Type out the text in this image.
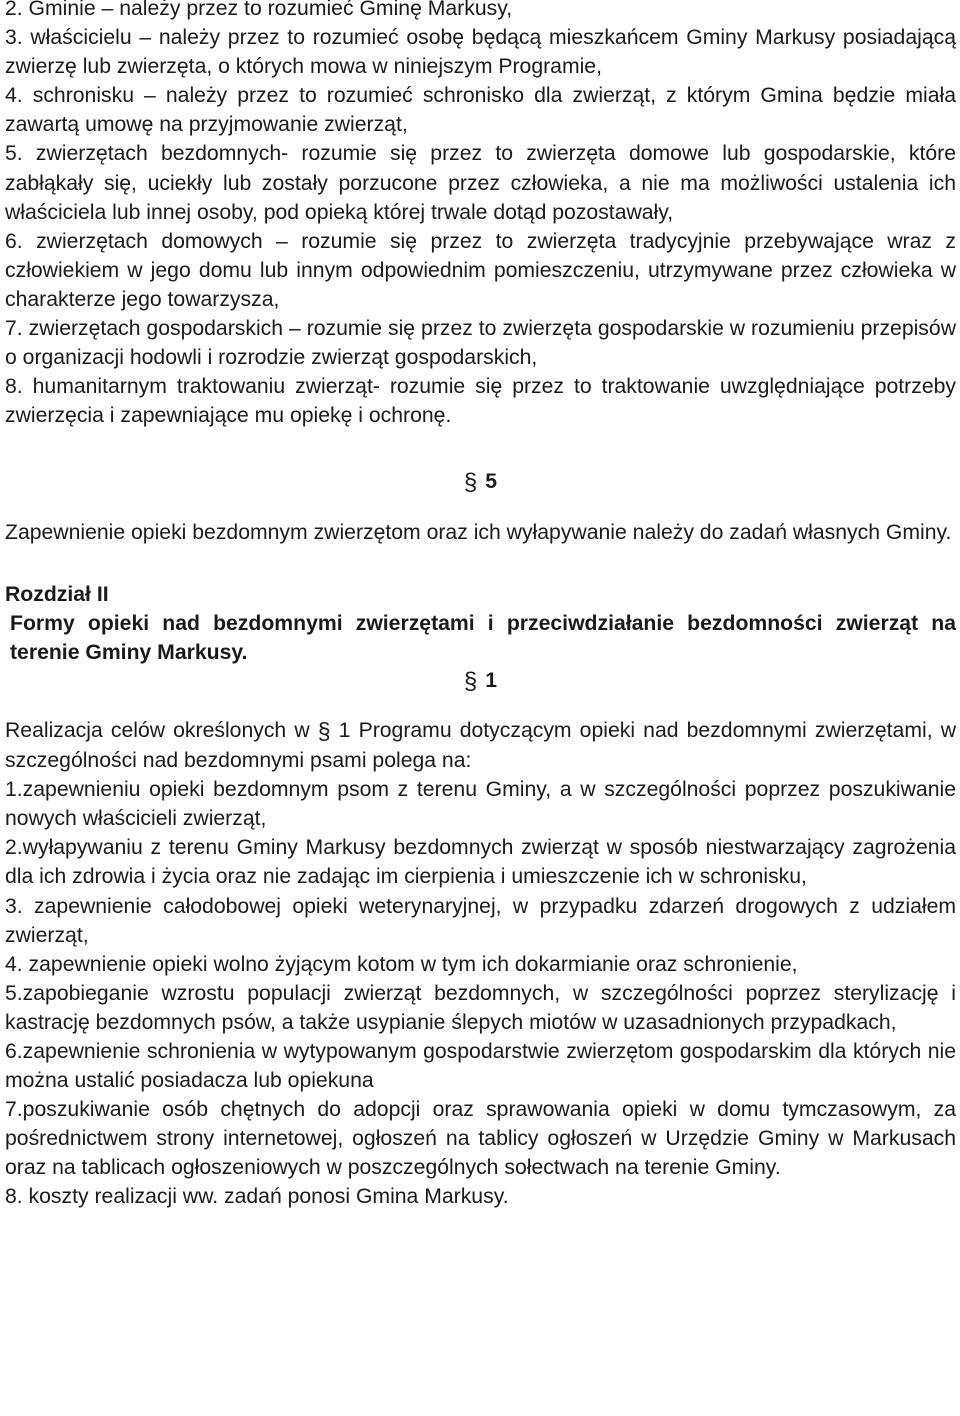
2. Gminie – należy przez to rozumieć Gminę Markusy,

3. właścicielu – należy przez to rozumieć osobę będącą mieszkańcem Gminy Markusy posiadającą zwierzę lub zwierzęta, o których mowa w niniejszym Programie,

4. schronisku – należy przez to rozumieć schronisko dla zwierząt, z którym Gmina będzie miała zawartą umowę na przyjmowanie zwierząt,

5. zwierzętach bezdomnych- rozumie się przez to zwierzęta domowe lub gospodarskie, które zabłąkały się, uciekły lub zostały porzucone przez człowieka, a nie ma możliwości ustalenia ich właściciela lub innej osoby, pod opieką której trwale dotąd pozostawały,

6. zwierzętach domowych – rozumie się przez to zwierzęta tradycyjnie przebywające wraz z człowiekiem w jego domu lub innym odpowiednim pomieszczeniu, utrzymywane przez człowieka w charakterze jego towarzysza,

7. zwierzętach gospodarskich – rozumie się przez to zwierzęta gospodarskie w rozumieniu przepisów o organizacji hodowli i rozrodzie zwierząt gospodarskich,

8. humanitarnym traktowaniu zwierząt- rozumie się przez to traktowanie uwzględniające potrzeby zwierzęcia i zapewniające mu opiekę i ochronę.

§ 5

Zapewnienie opieki bezdomnym zwierzętom oraz ich wyłapywanie należy do zadań własnych Gminy.

Rozdział II

Formy opieki nad bezdomnymi zwierzętami i przeciwdziałanie bezdomności zwierząt na terenie Gminy Markusy.

§ 1

Realizacja celów określonych w § 1 Programu dotyczącym opieki nad bezdomnymi zwierzętami, w szczególności nad bezdomnymi psami polega na:

1.zapewnieniu opieki bezdomnym psom z terenu Gminy, a w szczególności poprzez poszukiwanie nowych właścicieli zwierząt,

2.wyłapywaniu z terenu Gminy Markusy bezdomnych zwierząt w sposób niestwarzający zagrożenia dla ich zdrowia i życia oraz nie zadając im cierpienia i umieszczenie ich w schronisku,

3. zapewnienie całodobowej opieki weterynaryjnej, w przypadku zdarzeń drogowych z udziałem zwierząt,

4. zapewnienie opieki wolno żyjącym kotom w tym ich dokarmianie oraz schronienie,

5.zapobieganie wzrostu populacji zwierząt bezdomnych, w szczególności poprzez sterylizację i kastrację bezdomnych psów, a także usypianie ślepych miotów w uzasadnionych przypadkach,

6.zapewnienie schronienia w wytypowanym gospodarstwie zwierzętom gospodarskim dla których nie można ustalić posiadacza lub opiekuna

7.poszukiwanie osób chętnych do adopcji oraz sprawowania opieki w domu tymczasowym, za pośrednictwem strony internetowej, ogłoszeń na tablicy ogłoszeń w Urzędzie Gminy w Markusach oraz na tablicach ogłoszeniowych w poszczególnych sołectwach na terenie Gminy.

8. koszty realizacji ww. zadań ponosi Gmina Markusy.
